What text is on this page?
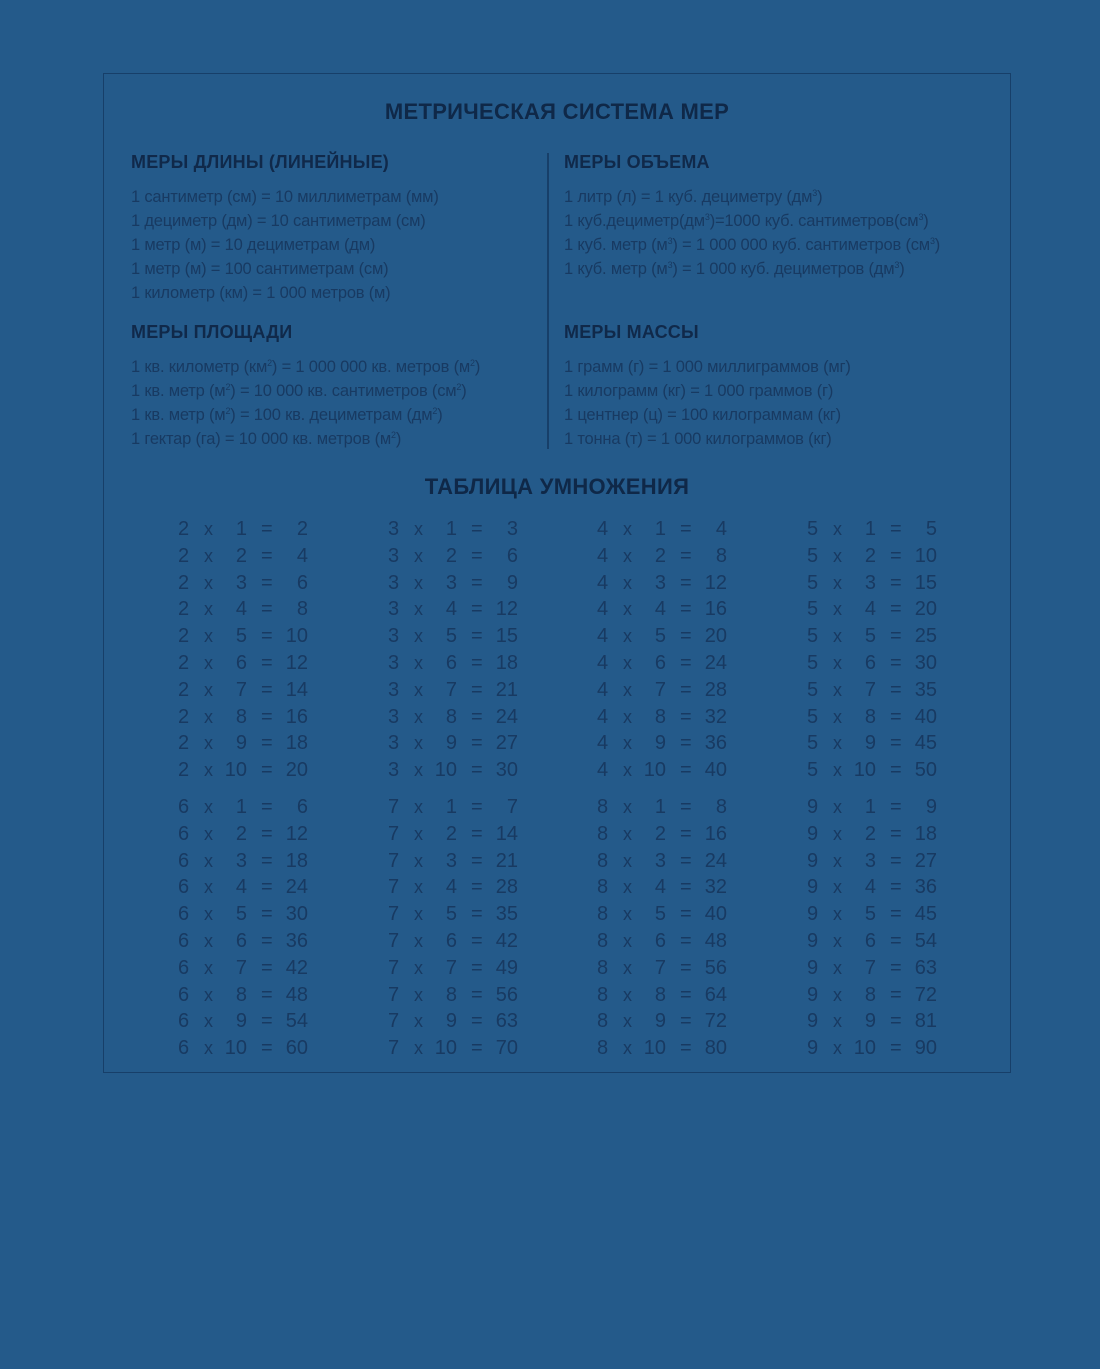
МЕТРИЧЕСКАЯ СИСТЕМА МЕР
МЕРЫ ДЛИНЫ (ЛИНЕЙНЫЕ)
1 сантиметр (см) = 10 миллиметрам (мм)
1 дециметр (дм) = 10 сантиметрам (см)
1 метр (м) = 10 дециметрам (дм)
1 метр (м) = 100 сантиметрам (см)
1 километр (км) = 1 000 метров (м)
МЕРЫ ОБЪЕМА
1 литр (л) = 1 куб. дециметру $(дм^3)$
1 $куб.дециметр(дм^3)=1000$ куб. $сантиметров(см^3)$
1 куб. метр $(м^3) = 1$ 000 000 куб. сантиметров $(см^3)$
1 куб. метр $(м^3) = 1$ 000 куб. дециметров $(дм^3)$
МЕРЫ ПЛОЩАДИ
1 кв. километр $(км^2) = 1$ 000 000 кв. метров $(м^2)$
1 кв. метр $(м^2) = 10$ 000 кв. сантиметров $(см^2)$
1 кв. метр $(м^2) = 100$ кв. дециметрам $(дм^2)$
1 гектар (га) = 10 000 кв. метров $(м^2)$
МЕРЫ МАССЫ
1 грамм (г) = 1 000 миллиграммов (мг)
1 килограмм (кг) = 1 000 граммов (г)
1 центнер (ц) = 100 килограммам (кг)
1 тонна (т) = 1 000 килограммов (кг)
ТАБЛИЦА УМНОЖЕНИЯ
2 x	1 =	2
2 x	2 =	4
2 x	3 =	6
2 x	4 =	8
2 x	5 = 10
2 x	6 = 12
2 x	7 = 14
2 x	8 = 16
2 x	9 = 18
2 x 10 = 20
3 x	1 =	3
3 x	2 =	6
3 x	3 =	9
3 x	4 = 12
3 x	5 = 15
3 x	6 = 18
3 x	7 = 21
3 x	8 = 24
3 x	9 = 27
3 x 10 = 30
4 x	1 =	4
4 x	2 =	8
4 x	3 = 12
4 x	4 = 16
4 x	5 = 20
4 x	6 = 24
4 x	7 = 28
4 x	8 = 32
4 x	9 = 36
4 x 10 = 40
5 x	1 =	5
5 x	2 = 10
5 x	3 = 15
5 x	4 = 20
5 x	5 = 25
5 x	6 = 30
5 x	7 = 35
5 x	8 = 40
5 x	9 = 45
5 x 10 = 50
6 x	1 =	6
6 x	2 = 12
6 x	3 = 18
6 x	4 = 24
6 x	5 = 30
6 x	6 = 36
6 x	7 = 42
6 x	8 = 48
6 x	9 = 54
6 x 10 = 60
7 x	1 =	7
7 x	2 = 14
7 x	3 = 21
7 x	4 = 28
7 x	5 = 35
7 x	6 = 42
7 x	7 = 49
7 x	8 = 56
7 x	9 = 63
7 x 10 = 70
8 x	1 =	8
8 x	2 = 16
8 x	3 = 24
8 x	4 = 32
8 x	5 = 40
8 x	6 = 48
8 x	7 = 56
8 x	8 = 64
8 x	9 = 72
8 x 10 = 80
9 x	1 =	9
9 x	2 = 18
9 x	3 = 27
9 x	4 = 36
9 x	5 = 45
9 x	6 = 54
9 x	7 = 63
9 x	8 = 72
9 x	9 = 81
9 x 10 = 90
